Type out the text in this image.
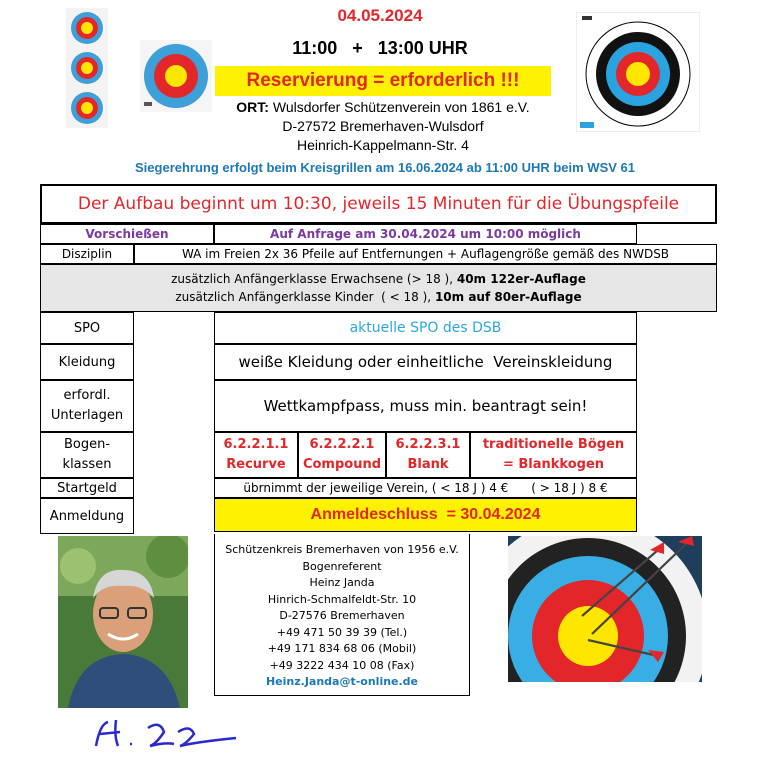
04.05.2024
11:00   +   13:00 UHR
Reservierung = erforderlich !!!
ORT: Wulsdorfer Schützenverein von 1861 e.V.
D-27572 Bremerhaven-Wulsdorf
Heinrich-Kappelmann-Str. 4
Siegerehrung erfolgt beim Kreisgrillen am 16.06.2024 ab 11:00 UHR beim WSV 61
Der Aufbau beginnt um 10:30, jeweils 15 Minuten für die Übungspfeile
Vorschießen	Auf Anfrage am 30.04.2024 um 10:00 möglich
Disziplin	WA im Freien 2x 36 Pfeile auf Entfernungen + Auflagengröße gemäß des NWDSB
zusätzlich Anfängerklasse Erwachsene (> 18 ), 40m 122er-Auflage
zusätzlich Anfängerklasse Kinder  ( < 18 ), 10m auf 80er-Auflage
SPO
Kleidung
erfordl.
Unterlagen
Bogen-
klassen
Startgeld
Anmeldung
aktuelle SPO des DSB
weiße Kleidung oder einheitliche  Vereinskleidung
Wettkampfpass, muss min. beantragt sein!
6.2.2.1.1
Recurve
6.2.2.2.1
Compound
6.2.2.3.1
Blank
traditionelle Bögen
= Blankkogen
übrnimmt der jeweilige Verein, ( < 18 J ) 4 €      ( > 18 J ) 8 €
Anmeldeschluss  = 30.04.2024
Schützenkreis Bremerhaven von 1956 e.V.
Bogenreferent
Heinz Janda
Hinrich-Schmalfeldt-Str. 10
D-27576 Bremerhaven
+49 471 50 39 39 (Tel.)
+49 171 834 68 06 (Mobil)
+49 3222 434 10 08 (Fax)
Heinz.Janda@t-online.de
